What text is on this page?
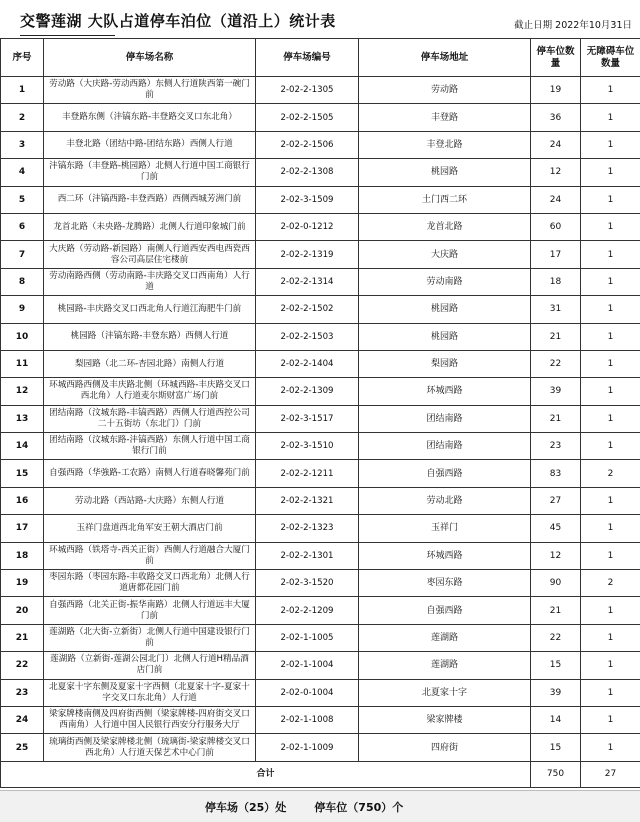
交警莲湖 大队占道停车泊位（道沿上）统计表	截止日期 2022年10月31日
序号	停车场名称	停车场编号	停车场地址	停车位数量	无障碍车位数量
1	劳动路（大庆路-劳动西路）东侧人行道陕西第一碗门前	2-02-2-1305	劳动路	19	1
2	丰登路东侧（沣镐东路-丰登路交叉口东北角）	2-02-2-1505	丰登路	36	1
3	丰登北路（团结中路-团结东路）西侧人行道	2-02-2-1506	丰登北路	24	1
4	沣镐东路（丰登路-桃园路）北侧人行道中国工商银行门前	2-02-2-1308	桃园路	12	1
5	西二环（沣镐西路-丰登西路）西侧西城芳洲门前	2-02-3-1509	土门西二环	24	1
6	龙首北路（未央路-龙腾路）北侧人行道印象城门前	2-02-0-1212	龙首北路	60	1
7	大庆路（劳动路-新园路）南侧人行道西安西电西瓷西容公司高层住宅楼前	2-02-2-1319	大庆路	17	1
8	劳动南路西侧（劳动南路-丰庆路交叉口西南角）人行道	2-02-2-1314	劳动南路	18	1
9	桃园路-丰庆路交叉口西北角人行道江海肥牛门前	2-02-2-1502	桃园路	31	1
10	桃园路（沣镐东路-丰登东路）西侧人行道	2-02-2-1503	桃园路	21	1
11	梨园路（北二环-杏园北路）南侧人行道	2-02-2-1404	梨园路	22	1
12	环城西路西侧及丰庆路北侧（环城西路-丰庆路交叉口西北角）人行道麦尔斯财富广场门前	2-02-2-1309	环城西路	39	1
13	团结南路（汶城东路-丰镐西路）西侧人行道西控公司二十五街坊（东北门）门前	2-02-3-1517	团结南路	21	1
14	团结南路（汶城东路-沣镐西路）东侧人行道中国工商银行门前	2-02-3-1510	团结南路	23	1
15	自强西路（华強路-工农路）南侧人行道春晓馨苑门前	2-02-2-1211	自强西路	83	2
16	劳动北路（西站路-大庆路）东侧人行道	2-02-2-1321	劳动北路	27	1
17	玉祥门盘道西北角军安王朝大酒店门前	2-02-2-1323	玉祥门	45	1
18	环城西路（铁塔寺-西关正街）西侧人行道融合大厦门前	2-02-2-1301	环城西路	12	1
19	枣园东路（枣园东路-丰收路交叉口西北角）北侧人行道唐都花园门前	2-02-3-1520	枣园东路	90	2
20	自强西路（北关正街-振华南路）北侧人行道远丰大厦门前	2-02-2-1209	自强西路	21	1
21	莲湖路（北大街-立新街）北侧人行道中国建设银行门前	2-02-1-1005	莲湖路	22	1
22	莲湖路（立新街-莲湖公园北门）北侧人行道H精品酒店门前	2-02-1-1004	莲湖路	15	1
23	北夏家十字东侧及夏家十字西侧（北夏家十字-夏家十字交叉口东北角）人行道	2-02-0-1004	北夏家十字	39	1
24	梁家牌楼南侧及四府街西侧（梁家牌楼-四府街交叉口西南角）人行道中国人民银行西安分行服务大厅	2-02-1-1008	梁家牌楼	14	1
25	琉璃街西侧及梁家牌楼北侧（琉璃街-梁家牌楼交叉口西北角）人行道天保艺术中心门前	2-02-1-1009	四府街	15	1
合计				750	27
停车场（25）处	停车位（750）个
